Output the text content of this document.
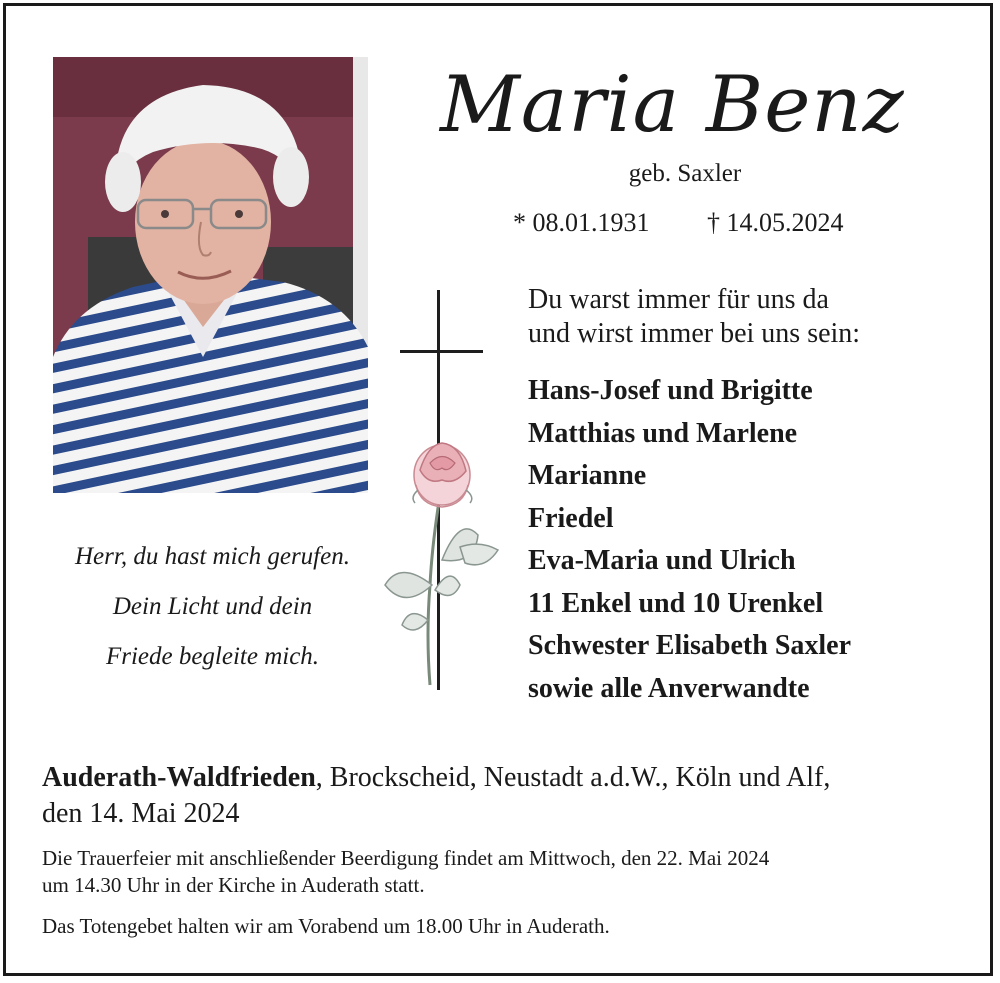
Maria Benz
geb. Saxler
* 08.01.1931 † 14.05.2024
Du warst immer für uns da
und wirst immer bei uns sein:
Hans-Josef und Brigitte
Matthias und Marlene
Marianne
Friedel
Eva-Maria und Ulrich
11 Enkel und 10 Urenkel
Schwester Elisabeth Saxler
sowie alle Anverwandte
Herr, du hast mich gerufen.
Dein Licht und dein
Friede begleite mich.
Auderath-Waldfrieden, Brockscheid, Neustadt a.d.W., Köln und Alf,
den 14. Mai 2024
Die Trauerfeier mit anschließender Beerdigung findet am Mittwoch, den 22. Mai 2024
um 14.30 Uhr in der Kirche in Auderath statt.
Das Totengebet halten wir am Vorabend um 18.00 Uhr in Auderath.
